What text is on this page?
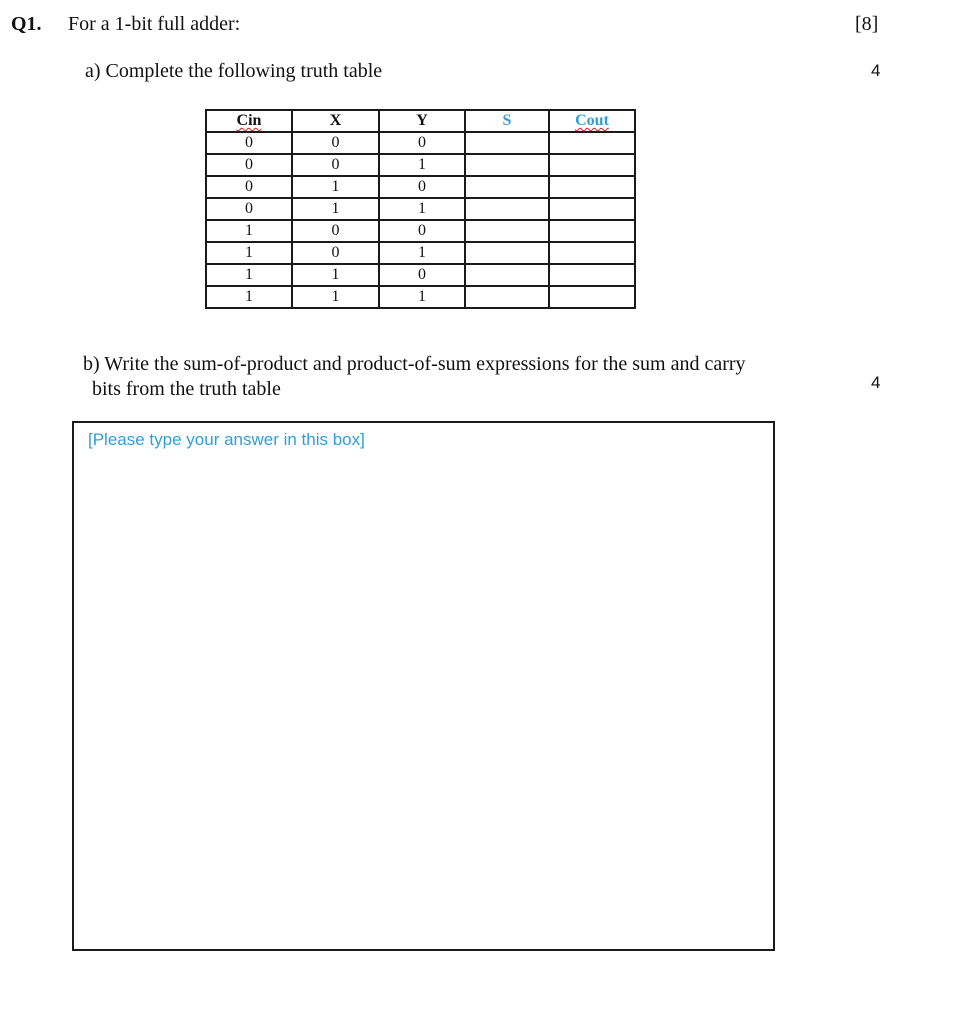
Q1. For a 1-bit full adder:	[8]
a) Complete the following truth table	4
Cin	X	Y	S	Cout
0	0	0		
0	0	1		
0	1	0		
0	1	1		
1	0	0		
1	0	1		
1	1	0		
1	1	1		
b) Write the sum-of-product and product-of-sum expressions for the sum and carry
bits from the truth table	4
[Please type your answer in this box]
